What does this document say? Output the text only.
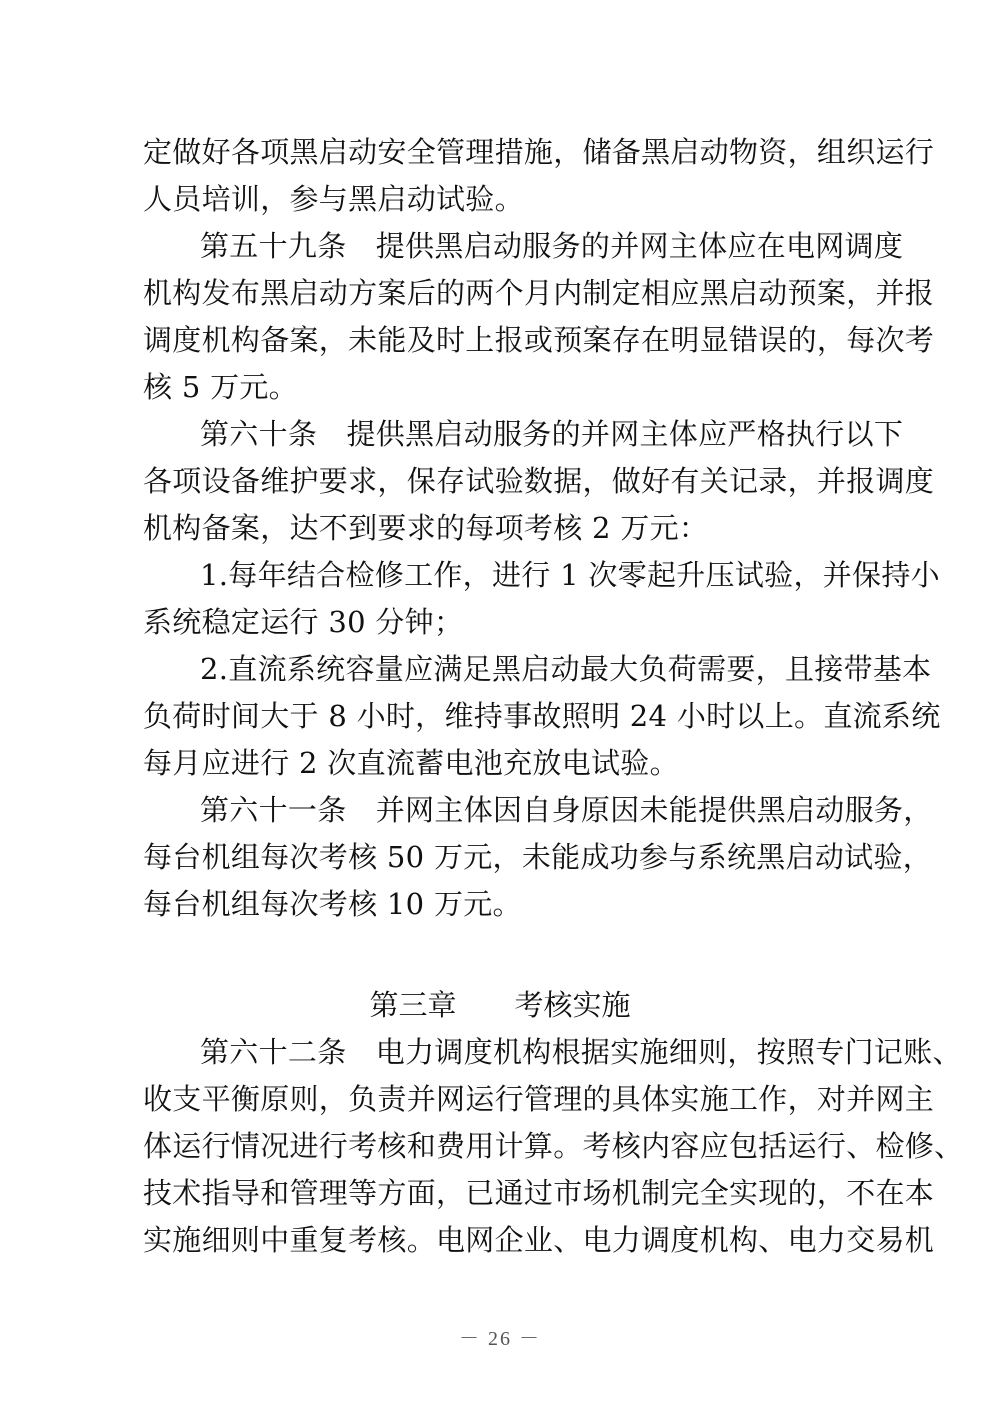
定做好各项黑启动安全管理措施，储备黑启动物资，组织运行
人员培训，参与黑启动试验。
第五十九条　提供黑启动服务的并网主体应在电网调度
机构发布黑启动方案后的两个月内制定相应黑启动预案，并报
调度机构备案，未能及时上报或预案存在明显错误的，每次考
核 5 万元。
第六十条　提供黑启动服务的并网主体应严格执行以下
各项设备维护要求，保存试验数据，做好有关记录，并报调度
机构备案，达不到要求的每项考核 2 万元：
1.每年结合检修工作，进行 1 次零起升压试验，并保持小
系统稳定运行 30 分钟；
2.直流系统容量应满足黑启动最大负荷需要，且接带基本
负荷时间大于 8 小时，维持事故照明 24 小时以上。直流系统
每月应进行 2 次直流蓄电池充放电试验。
第六十一条　并网主体因自身原因未能提供黑启动服务，
每台机组每次考核 50 万元，未能成功参与系统黑启动试验，
每台机组每次考核 10 万元。
第三章　　考核实施
第六十二条　电力调度机构根据实施细则，按照专门记账、
收支平衡原则，负责并网运行管理的具体实施工作，对并网主
体运行情况进行考核和费用计算。考核内容应包括运行、检修、
技术指导和管理等方面，已通过市场机制完全实现的，不在本
实施细则中重复考核。电网企业、电力调度机构、电力交易机
－ 26 －
